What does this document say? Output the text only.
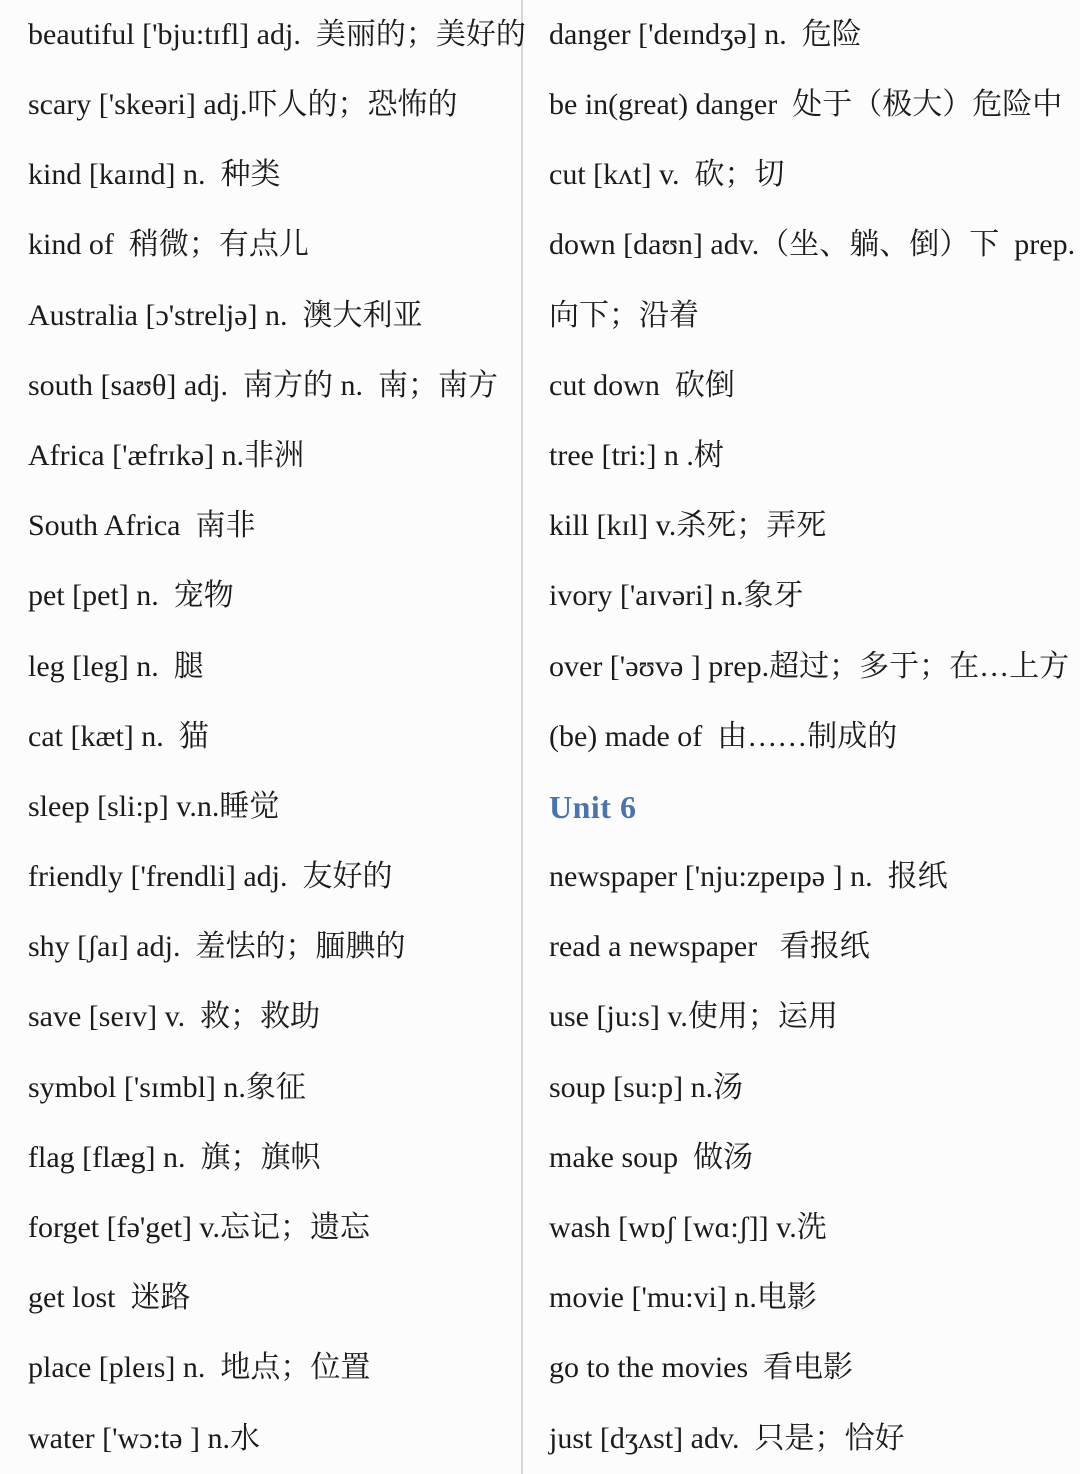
beautiful ['bju:tɪfl] adj.  美丽的；美好的
scary ['skeəri] adj.吓人的；恐怖的
kind [kaɪnd] n.  种类
kind of  稍微；有点儿
Australia [ɔ'streljə] n.  澳大利亚
south [saʊθ] adj.  南方的 n.  南；南方
Africa ['æfrɪkə] n.非洲
South Africa  南非
pet [pet] n.  宠物
leg [leg] n.  腿
cat [kæt] n.  猫
sleep [sli:p] v.n.睡觉
friendly ['frendli] adj.  友好的
shy [ʃaɪ] adj.  羞怯的；腼腆的
save [seɪv] v.  救；救助
symbol ['sɪmbl] n.象征
flag [flæg] n.  旗；旗帜
forget [fə'get] v.忘记；遗忘
get lost  迷路
place [pleɪs] n.  地点；位置
water ['wɔ:tə ] n.水
danger ['deɪndʒə] n.  危险
be in(great) danger  处于（极大）危险中
cut [kʌt] v.  砍；切
down [daʊn] adv.（坐、躺、倒）下  prep.
向下；沿着
cut down  砍倒
tree [tri:] n .树
kill [kɪl] v.杀死；弄死
ivory ['aɪvəri] n.象牙
over ['əʊvə ] prep.超过；多于；在…上方
(be) made of  由……制成的
Unit 6
newspaper ['nju:zpeɪpə ] n.  报纸
read a newspaper   看报纸
use [ju:s] v.使用；运用
soup [su:p] n.汤
make soup  做汤
wash [wɒʃ [wɑ:ʃ]] v.洗
movie ['mu:vi] n.电影
go to the movies  看电影
just [dʒʌst] adv.  只是；恰好
